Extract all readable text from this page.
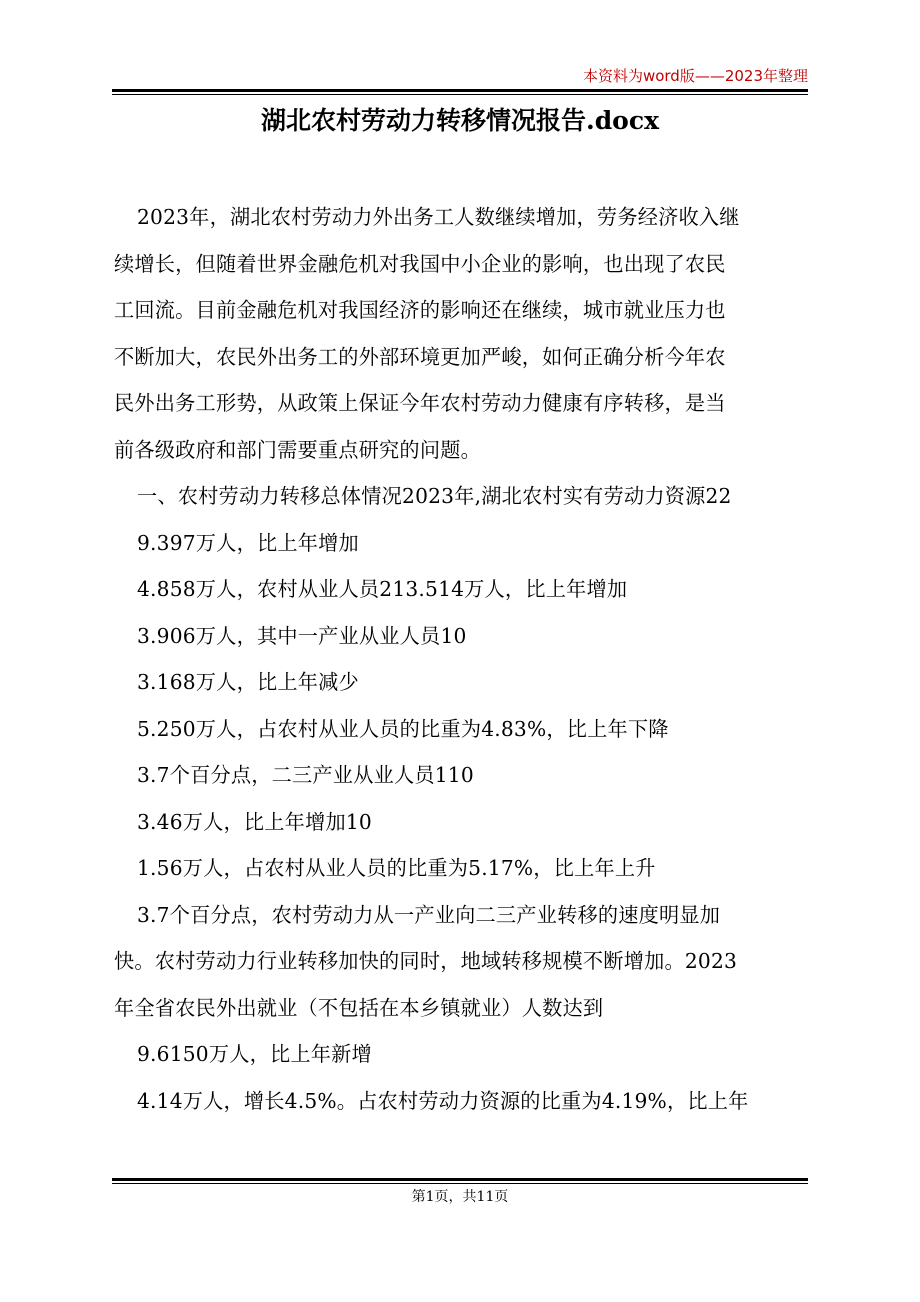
本资料为word版——2023年整理
湖北农村劳动力转移情况报告.docx
2023年，湖北农村劳动力外出务工人数继续增加，劳务经济收入继
续增长，但随着世界金融危机对我国中小企业的影响，也出现了农民
工回流。目前金融危机对我国经济的影响还在继续，城市就业压力也
不断加大，农民外出务工的外部环境更加严峻，如何正确分析今年农
民外出务工形势，从政策上保证今年农村劳动力健康有序转移，是当
前各级政府和部门需要重点研究的问题。
一、农村劳动力转移总体情况2023年,湖北农村实有劳动力资源22
9.397万人，比上年增加
4.858万人，农村从业人员213.514万人，比上年增加
3.906万人，其中一产业从业人员10
3.168万人，比上年减少
5.250万人，占农村从业人员的比重为4.83%，比上年下降
3.7个百分点，二三产业从业人员110
3.46万人，比上年增加10
1.56万人，占农村从业人员的比重为5.17%，比上年上升
3.7个百分点，农村劳动力从一产业向二三产业转移的速度明显加
快。农村劳动力行业转移加快的同时，地域转移规模不断增加。2023
年全省农民外出就业（不包括在本乡镇就业）人数达到
9.6150万人，比上年新增
4.14万人，增长4.5%。占农村劳动力资源的比重为4.19%，比上年
第1页，共11页
